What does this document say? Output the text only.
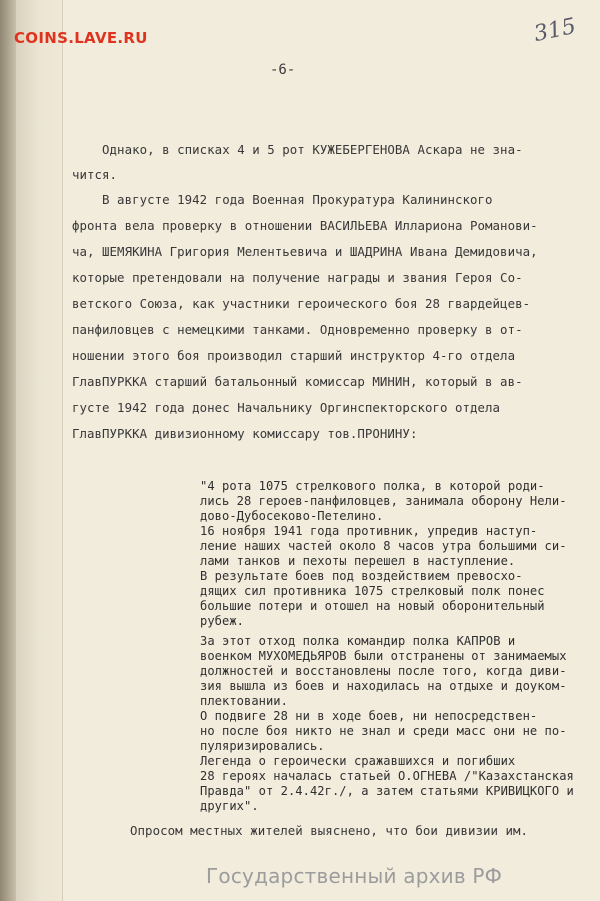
COINS.LAVE.RU	315
-6-
Однако, в списках 4 и 5 рот КУЖЕБЕРГЕНОВА Аскара не зна-
чится.
В августе 1942 года Военная Прокуратура Калининского
фронта вела проверку в отношении ВАСИЛЬЕВА Иллариона Романови-
ча, ШЕМЯКИНА Григория Мелентьевича и ШАДРИНА Ивана Демидовича,
которые претендовали на получение награды и звания Героя Со-
ветского Союза, как участники героического боя 28 гвардейцев-
панфиловцев с немецкими танками. Одновременно проверку в от-
ношении этого боя производил старший инструктор 4-го отдела
ГлавПУРККА старший батальонный комиссар МИНИН, который в ав-
густе 1942 года донес Начальнику Оргинспекторского отдела
ГлавПУРККА дивизионному комиссару тов.ПРОНИНУ:
"4 рота 1075 стрелкового полка, в которой роди-
лись 28 героев-панфиловцев, занимала оборону Нели-
дово-Дубосеково-Петелино.
16 ноября 1941 года противник, упредив наступ-
ление наших частей около 8 часов утра большими си-
лами танков и пехоты перешел в наступление.
В результате боев под воздействием превосхо-
дящих сил противника 1075 стрелковый полк понес
большие потери и отошел на новый оборонительный
рубеж.
За этот отход полка командир полка КАПРОВ и
военком МУХОМЕДЬЯРОВ были отстранены от занимаемых
должностей и восстановлены после того, когда диви-
зия вышла из боев и находилась на отдыхе и доуком-
плектовании.
О подвиге 28 ни в ходе боев, ни непосредствен-
но после боя никто не знал и среди масс они не по-
пуляризировались.
Легенда о героически сражавшихся и погибших
28 героях началась статьей О.ОГНЕВА /"Казахстанская
Правда" от 2.4.42г./, а затем статьями КРИВИЦКОГО и
других".
Опросом местных жителей выяснено, что бои дивизии им.
Государственный архив РФ
